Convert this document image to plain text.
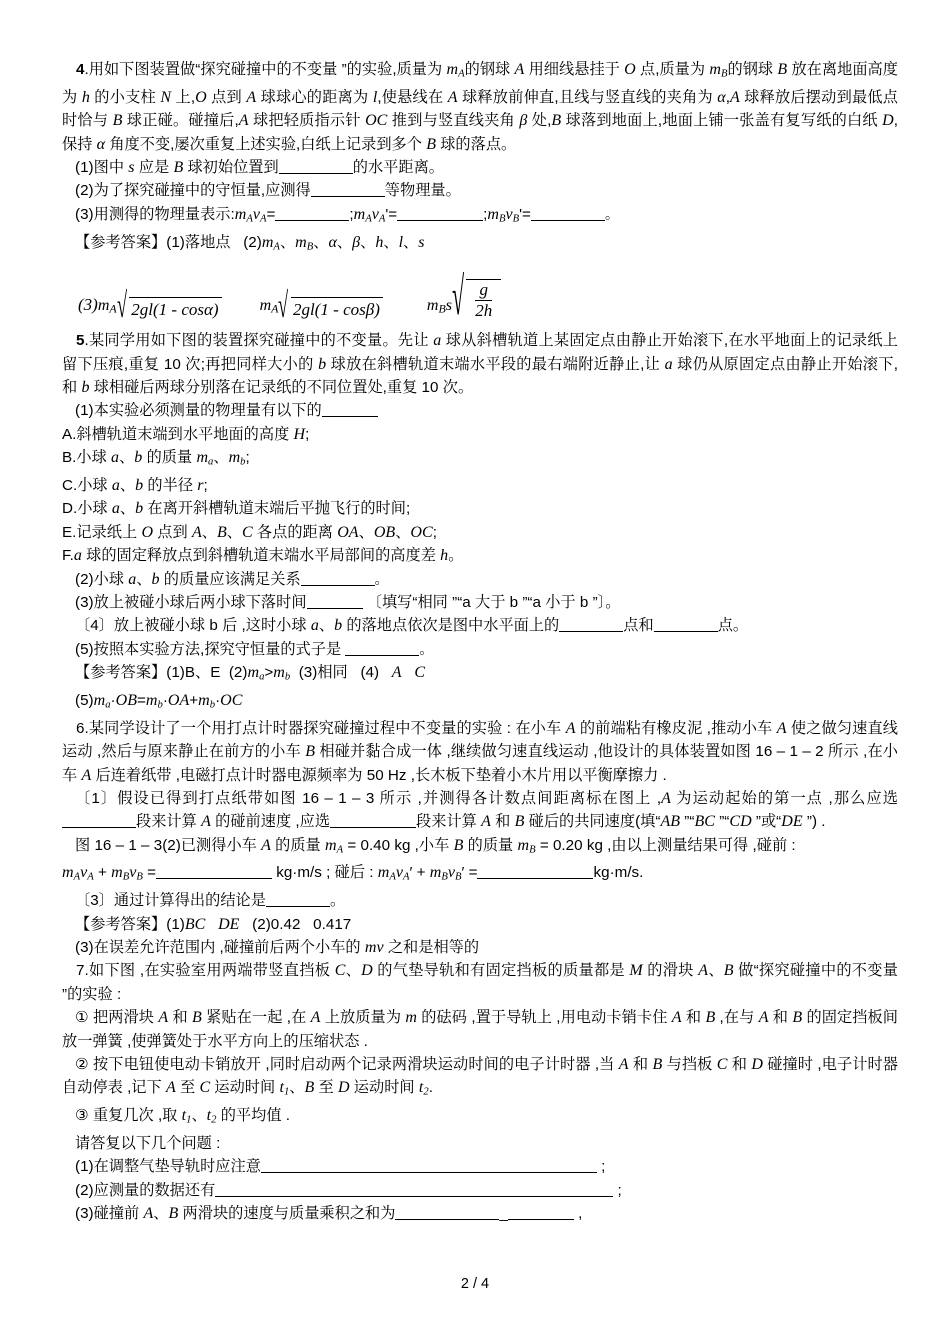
4.用如下图装置做“探究碰撞中的不变量 ”的实验,质量为 $m_A$的钢球 A 用细线悬挂于 O 点,质量为 $m_B$的钢球 B 放在离地面高度为 h 的小支柱 N 上,O 点到 A 球球心的距离为 l,使悬线在 A 球释放前伸直,且线与竖直线的夹角为 α,A 球释放后摆动到最低点时恰与 B 球正碰。碰撞后,A 球把轻质指示针 OC 推到与竖直线夹角 β 处,B 球落到地面上,地面上铺一张盖有复写纸的白纸 D,保持 α 角度不变,屡次重复上述实验,白纸上记录到多个 B 球的落点。
(1)图中 s 应是 B 球初始位置到	的水平距离。
(2)为了探究碰撞中的守恒量,应测得	等物理量。
(3)用测得的物理量表示$:m_Av_A=$	$;m_Av_A'=$	$;m_Bv_B'=$	。
【参考答案】(1)落地点   $(2)m_A$、$m_B$、α、β、h、l、s
$(3)m_A$ √ 2gl(1 - cosα)	$m_A$ √ 2gl(1 - cosβ)	$m_Bs$ √ $\frac{g}{2h}$
5.某同学用如下图的装置探究碰撞中的不变量。先让 a 球从斜槽轨道上某固定点由静止开始滚下,在水平地面上的记录纸上留下压痕,重复 10 次;再把同样大小的 b 球放在斜槽轨道末端水平段的最右端附近静止,让 a 球仍从原固定点由静止开始滚下,和 b 球相碰后两球分别落在记录纸的不同位置处,重复 10 次。
(1)本实验必须测量的物理量有以下的
A.斜槽轨道末端到水平地面的高度 H;
B.小球 a、b 的质量 $m_a$、$m_b$;
C.小球 a、b 的半径 r;
D.小球 a、b 在离开斜槽轨道末端后平抛飞行的时间;
E.记录纸上 O 点到 A、B、C 各点的距离 OA、OB、OC;
F.a 球的固定释放点到斜槽轨道末端水平局部间的高度差 h。
(2)小球 a、b 的质量应该满足关系	。
(3)放上被碰小球后两小球下落时间	〔填写“相同 ”“a 大于 b ”“a 小于 b ”〕。
〔4〕放上被碰小球 b 后 ,这时小球 a、b 的落地点依次是图中水平面上的	点和	点。
(5)按照本实验方法,探究守恒量的式子是	。
【参考答案】(1)B、E  $(2)m_a>m_b$  (3)相同   (4)   A C
$(5)m_a\cdot OB=m_b\cdot OA+m_b\cdot OC$
6.某同学设计了一个用打点计时器探究碰撞过程中不变量的实验 : 在小车 A 的前端粘有橡皮泥 ,推动小车 A 使之做匀速直线运动 ,然后与原来静止在前方的小车 B 相碰并黏合成一体 ,继续做匀速直线运动 ,他设计的具体装置如图 16 – 1 – 2 所示 ,在小车 A 后连着纸带 ,电磁打点计时器电源频率为 50 Hz ,长木板下垫着小木片用以平衡摩擦力 .
〔1〕假设已得到打点纸带如图 16 – 1 – 3 所示 ,并测得各计数点间距离标在图上 ,A 为运动起始的第一点 ,那么应选段来计算 A 的碰前速度 ,应选	段来计算 A 和 B 碰后的共同速度(填“AB ”“BC ”“CD ”或“DE ”) .
图 16 – 1 – 3(2)已测得小车 A 的质量 $m_A = 0.40$ kg ,小车 B 的质量 $m_B = 0.20$ kg ,由以上测量结果可得 ,碰前 :
$m_Av_A + m_Bv_B$ =	kg·m/s ; 碰后 : $m_Av_A' + m_Bv_B'$ =	kg·m/s.
〔3〕通过计算得出的结论是	。
【参考答案】(1)BC DE   (2)0.42   0.417
(3)在误差允许范围内 ,碰撞前后两个小车的 mv 之和是相等的
7.如下图 ,在实验室用两端带竖直挡板 C、D 的气垫导轨和有固定挡板的质量都是 M 的滑块 A、B 做“探究碰撞中的不变量 ”的实验 :
① 把两滑块 A 和 B 紧贴在一起 ,在 A 上放质量为 m 的砝码 ,置于导轨上 ,用电动卡销卡住 A 和 B ,在与 A 和 B 的固定挡板间放一弹簧 ,使弹簧处于水平方向上的压缩状态 .
② 按下电钮使电动卡销放开 ,同时启动两个记录两滑块运动时间的电子计时器 ,当 A 和 B 与挡板 C 和 D 碰撞时 ,电子计时器自动停表 ,记下 A 至 C 运动时间 $t_1$、B 至 D 运动时间 $t_2$.
③ 重复几次 ,取 $t_1$、$t_2$ 的平均值 .
请答复以下几个问题 :
(1)在调整气垫导轨时应注意	;
(2)应测量的数据还有	;
(3)碰撞前 A、B 两滑块的速度与质量乘积之和为	_	,
2 / 4
